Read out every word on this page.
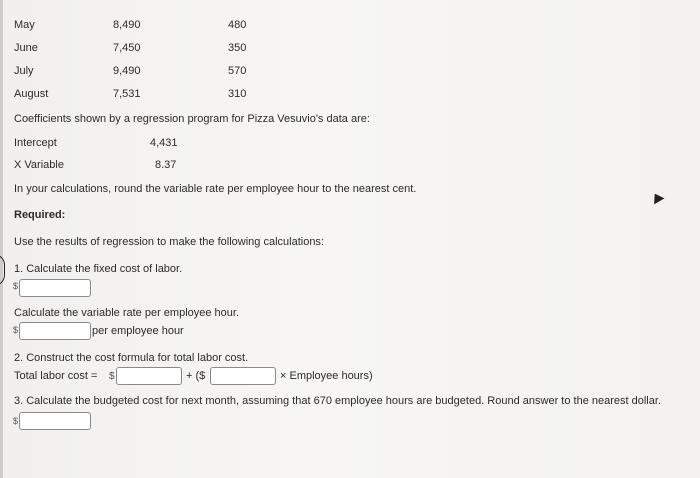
May	8,490	480
June	7,450	350
July	9,490	570
August	7,531	310
Coefficients shown by a regression program for Pizza Vesuvio's data are:
Intercept	4,431
X Variable	8.37
In your calculations, round the variable rate per employee hour to the nearest cent.
Required:
Use the results of regression to make the following calculations:
1. Calculate the fixed cost of labor.
$
Calculate the variable rate per employee hour.
$	per employee hour
2. Construct the cost formula for total labor cost.
Total labor cost = $	+ ($	× Employee hours)
3. Calculate the budgeted cost for next month, assuming that 670 employee hours are budgeted. Round answer to the nearest dollar.
$
